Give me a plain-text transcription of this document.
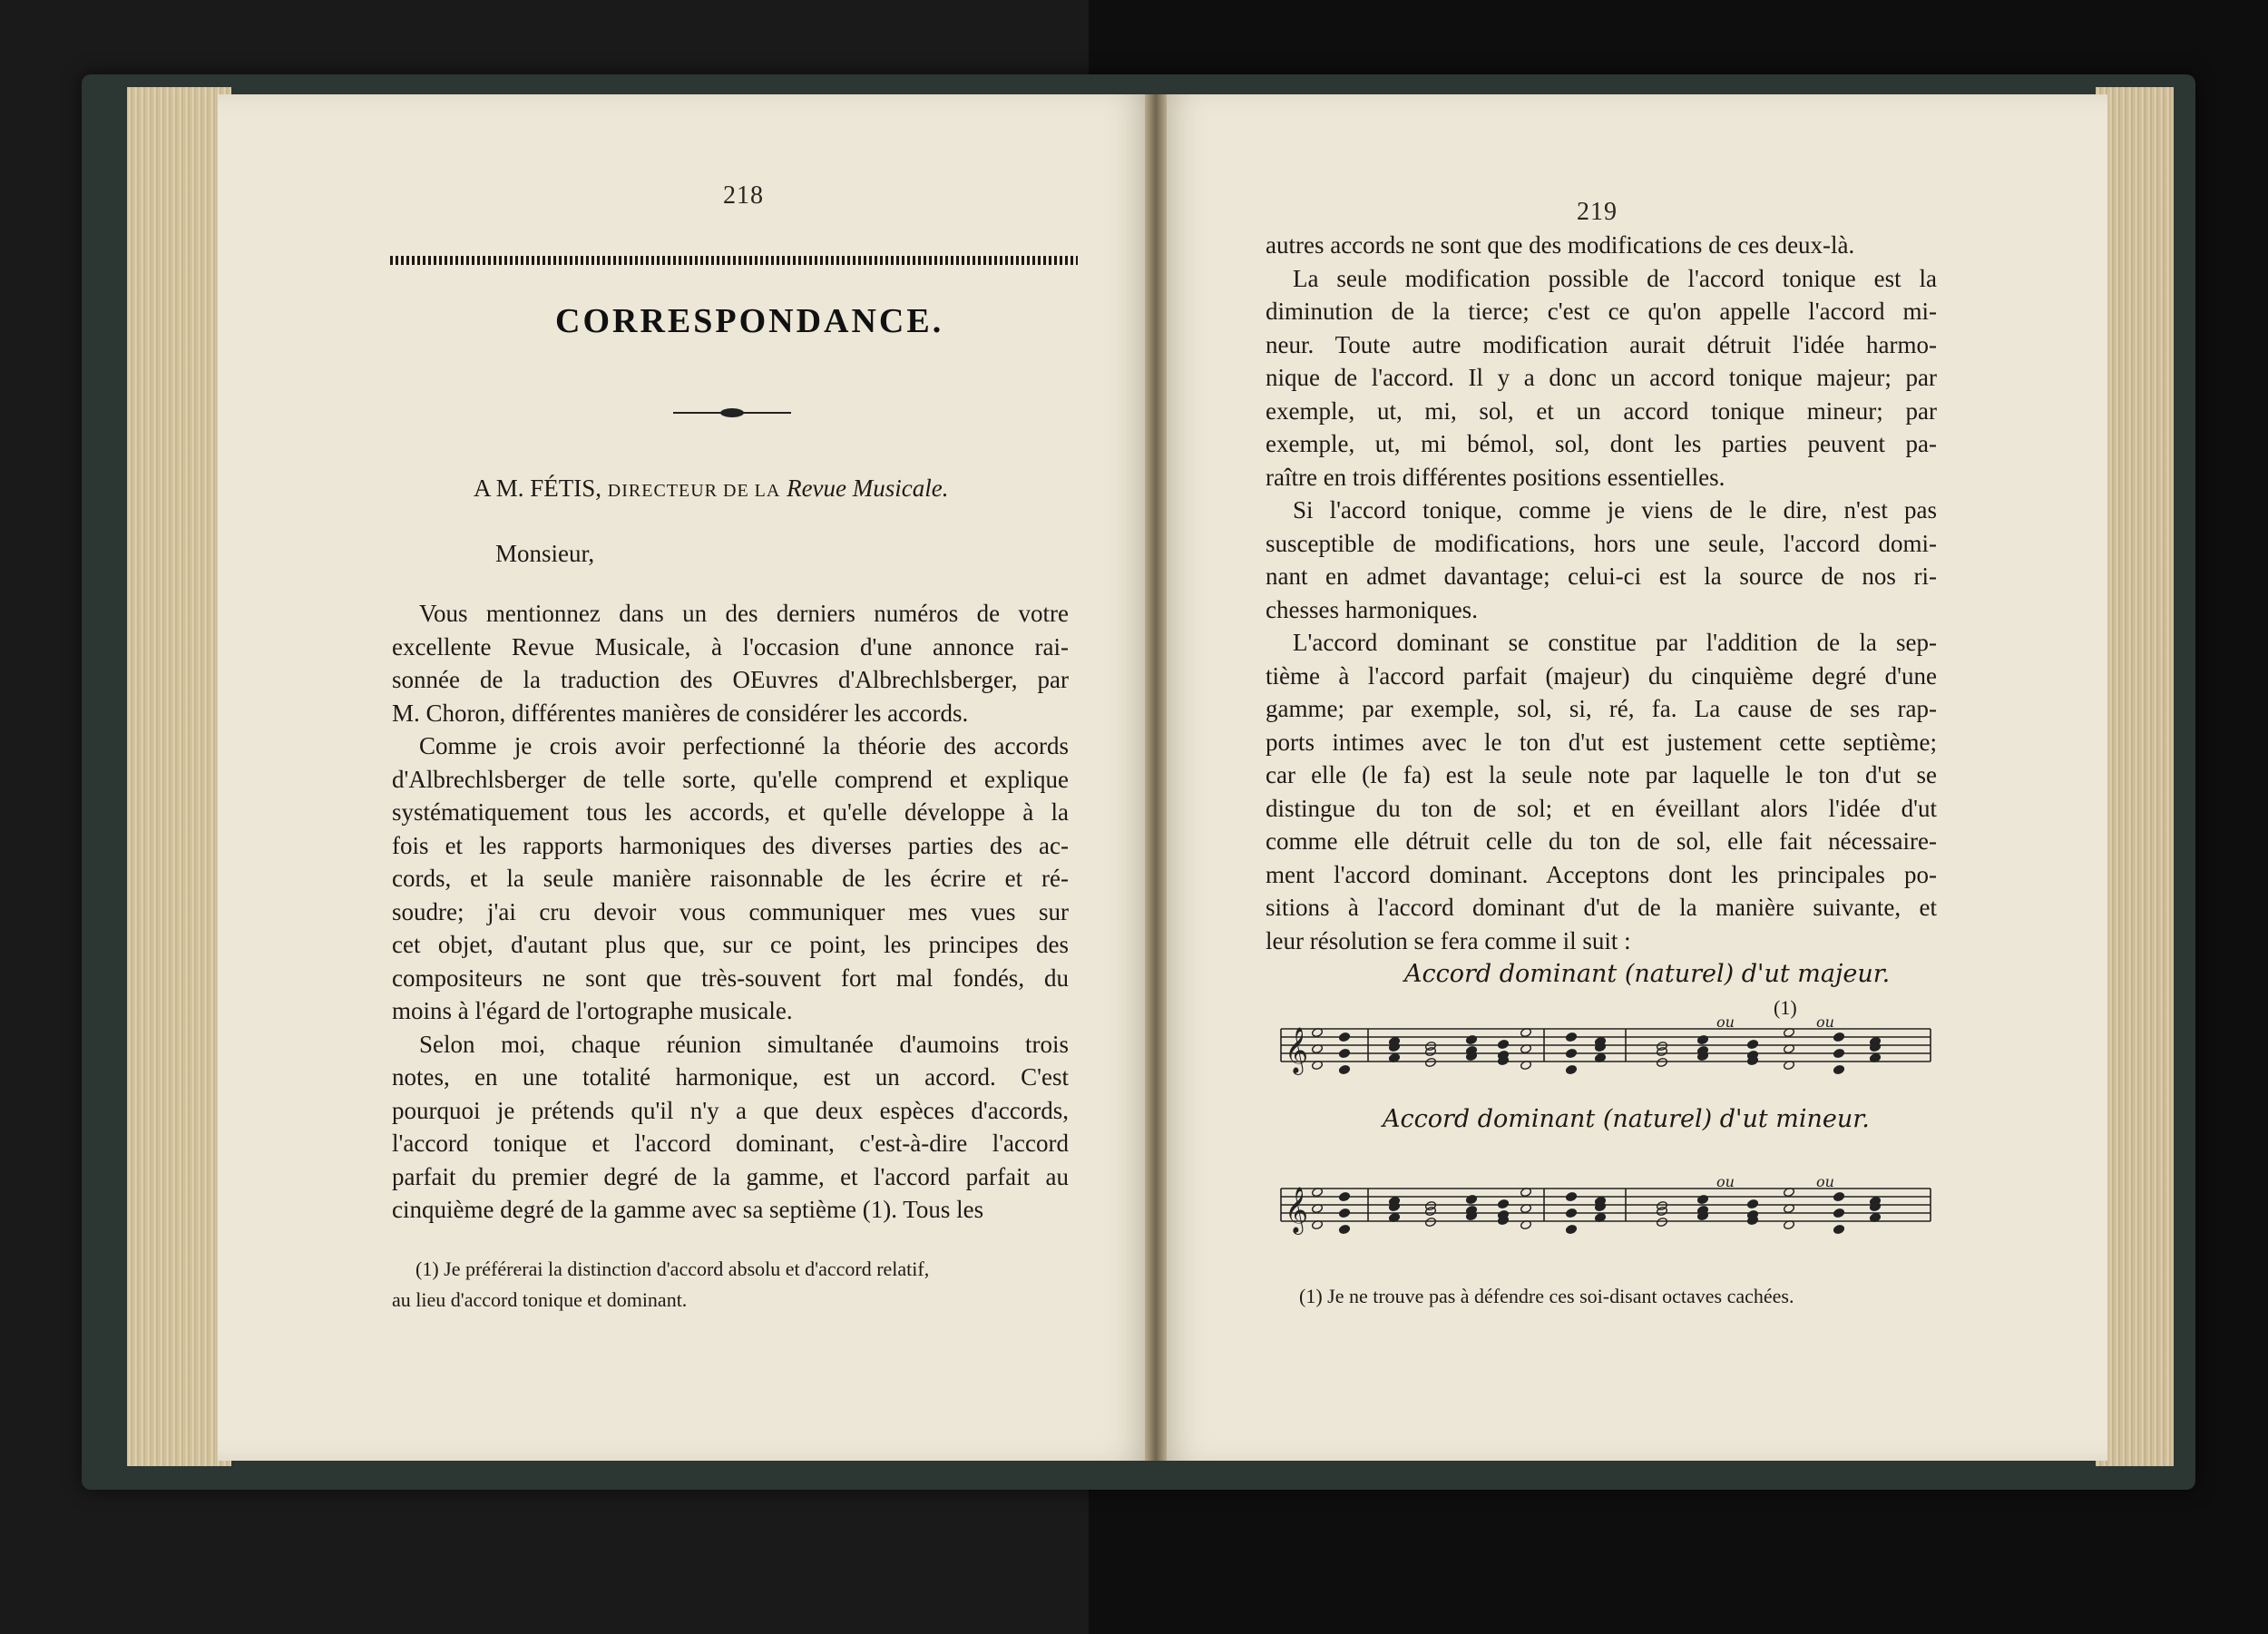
218
CORRESPONDANCE.
A M. FÉTIS, DIRECTEUR DE LA Revue Musicale.
Monsieur,
Vous mentionnez dans un des derniers numéros de votre
excellente Revue Musicale, à l'occasion d'une annonce rai-
sonnée de la traduction des OEuvres d'Albrechlsberger, par
M. Choron, différentes manières de considérer les accords.
Comme je crois avoir perfectionné la théorie des accords
d'Albrechlsberger de telle sorte, qu'elle comprend et explique
systématiquement tous les accords, et qu'elle développe à la
fois et les rapports harmoniques des diverses parties des ac-
cords, et la seule manière raisonnable de les écrire et ré-
soudre; j'ai cru devoir vous communiquer mes vues sur
cet objet, d'autant plus que, sur ce point, les principes des
compositeurs ne sont que très-souvent fort mal fondés, du
moins à l'égard de l'ortographe musicale.
Selon moi, chaque réunion simultanée d'aumoins trois
notes, en une totalité harmonique, est un accord. C'est
pourquoi je prétends qu'il n'y a que deux espèces d'accords,
l'accord tonique et l'accord dominant, c'est-à-dire l'accord
parfait du premier degré de la gamme, et l'accord parfait au
cinquième degré de la gamme avec sa septième (1). Tous les
(1) Je préférerai la distinction d'accord absolu et d'accord relatif,
au lieu d'accord tonique et dominant.
219
autres accords ne sont que des modifications de ces deux-là.
La seule modification possible de l'accord tonique est la
diminution de la tierce; c'est ce qu'on appelle l'accord mi-
neur. Toute autre modification aurait détruit l'idée harmo-
nique de l'accord. Il y a donc un accord tonique majeur; par
exemple, ut, mi, sol, et un accord tonique mineur; par
exemple, ut, mi bémol, sol, dont les parties peuvent pa-
raître en trois différentes positions essentielles.
Si l'accord tonique, comme je viens de le dire, n'est pas
susceptible de modifications, hors une seule, l'accord domi-
nant en admet davantage; celui-ci est la source de nos ri-
chesses harmoniques.
L'accord dominant se constitue par l'addition de la sep-
tième à l'accord parfait (majeur) du cinquième degré d'une
gamme; par exemple, sol, si, ré, fa. La cause de ses rap-
ports intimes avec le ton d'ut est justement cette septième;
car elle (le fa) est la seule note par laquelle le ton d'ut se
distingue du ton de sol; et en éveillant alors l'idée d'ut
comme elle détruit celle du ton de sol, elle fait nécessaire-
ment l'accord dominant. Acceptons dont les principales po-
sitions à l'accord dominant d'ut de la manière suivante, et
leur résolution se fera comme il suit :
Accord dominant (naturel) d'ut majeur.
(1)
𝄞
ou	ou
Accord dominant (naturel) d'ut mineur.
𝄞
ou	ou
(1) Je ne trouve pas à défendre ces soi-disant octaves cachées.
